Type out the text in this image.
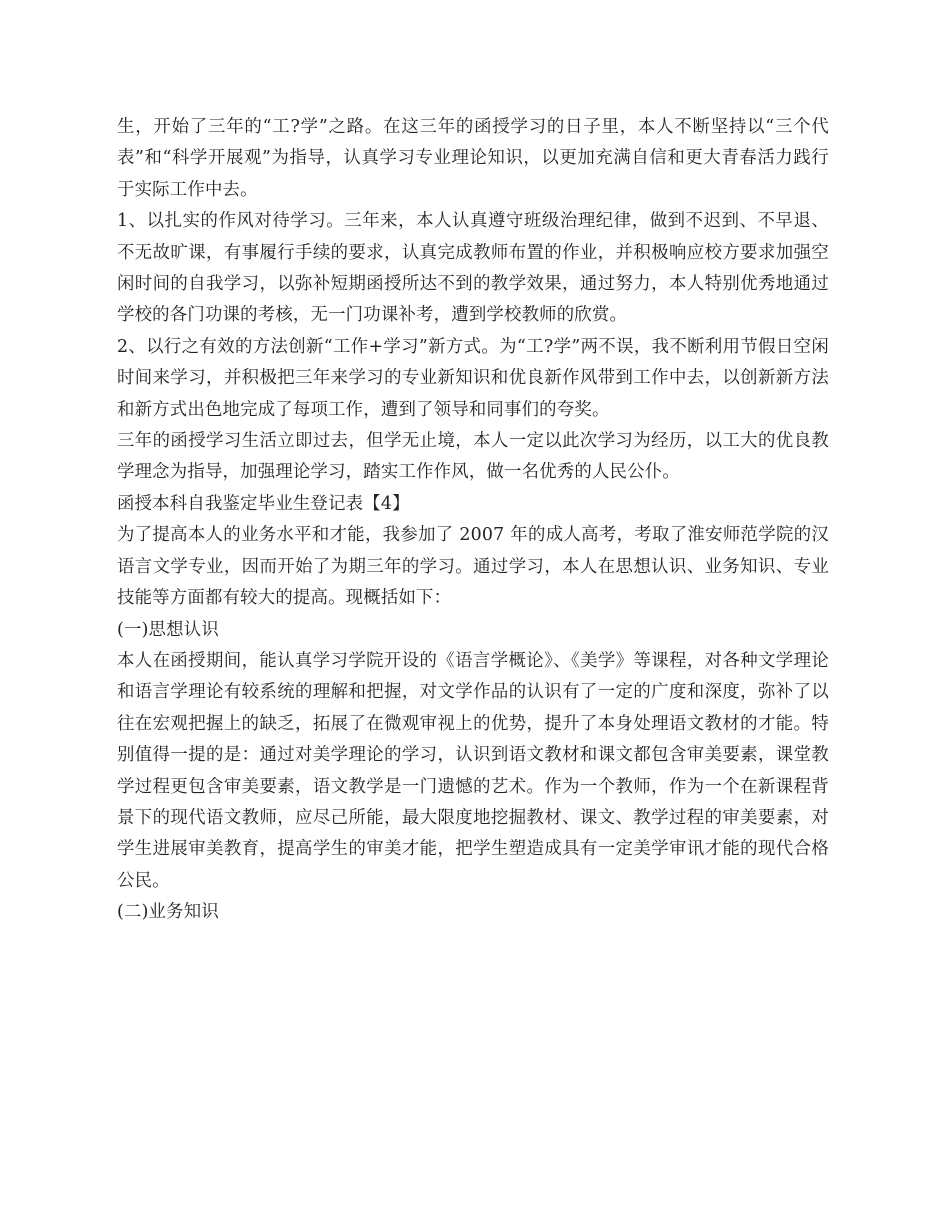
生，开始了三年的“工?学”之路。在这三年的函授学习的日子里，本人不断坚持以“三个代表”和“科学开展观”为指导，认真学习专业理论知识，以更加充满自信和更大青春活力践行于实际工作中去。

1、以扎实的作风对待学习。三年来，本人认真遵守班级治理纪律，做到不迟到、不早退、不无故旷课，有事履行手续的要求，认真完成教师布置的作业，并积极响应校方要求加强空闲时间的自我学习，以弥补短期函授所达不到的教学效果，通过努力，本人特别优秀地通过学校的各门功课的考核，无一门功课补考，遭到学校教师的欣赏。

2、以行之有效的方法创新“工作+学习”新方式。为“工?学”两不误，我不断利用节假日空闲时间来学习，并积极把三年来学习的专业新知识和优良新作风带到工作中去，以创新新方法和新方式出色地完成了每项工作，遭到了领导和同事们的夸奖。

三年的函授学习生活立即过去，但学无止境，本人一定以此次学习为经历，以工大的优良教学理念为指导，加强理论学习，踏实工作作风，做一名优秀的人民公仆。

函授本科自我鉴定毕业生登记表【4】

为了提高本人的业务水平和才能，我参加了 2007 年的成人高考，考取了淮安师范学院的汉语言文学专业，因而开始了为期三年的学习。通过学习，本人在思想认识、业务知识、专业技能等方面都有较大的提高。现概括如下：

(一)思想认识

本人在函授期间，能认真学习学院开设的《语言学概论》、《美学》等课程，对各种文学理论和语言学理论有较系统的理解和把握，对文学作品的认识有了一定的广度和深度，弥补了以往在宏观把握上的缺乏，拓展了在微观审视上的优势，提升了本身处理语文教材的才能。特别值得一提的是：通过对美学理论的学习，认识到语文教材和课文都包含审美要素，课堂教学过程更包含审美要素，语文教学是一门遗憾的艺术。作为一个教师，作为一个在新课程背景下的现代语文教师，应尽己所能，最大限度地挖掘教材、课文、教学过程的审美要素，对学生进展审美教育，提高学生的审美才能，把学生塑造成具有一定美学审讯才能的现代合格公民。

(二)业务知识
